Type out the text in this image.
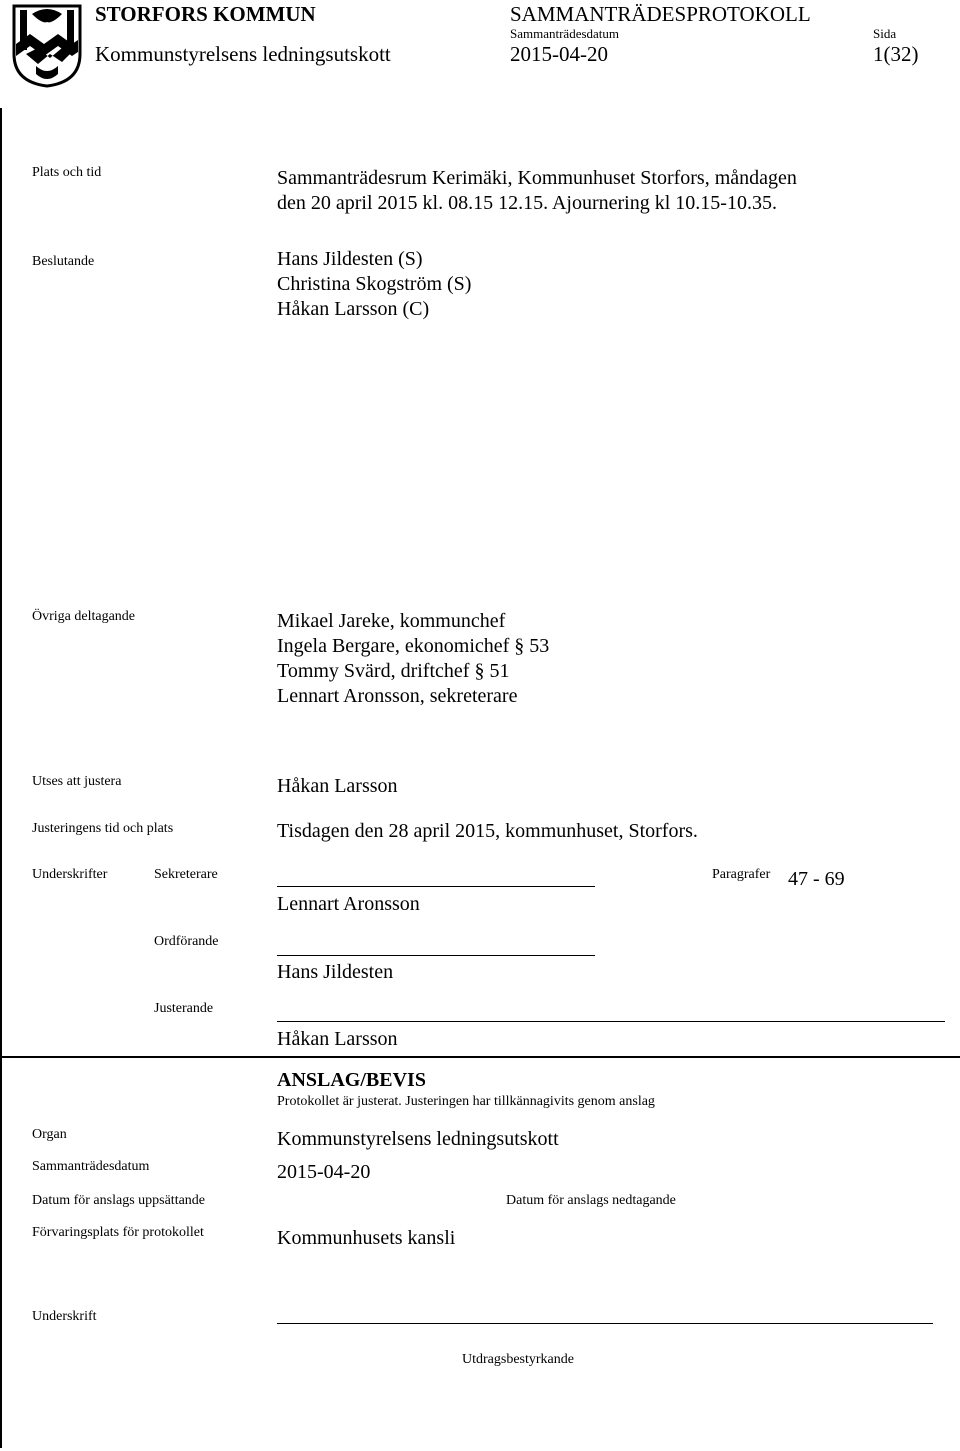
STORFORS KOMMUN
Kommunstyrelsens ledningsutskott
SAMMANTRÄDESPROTOKOLL
Sammanträdesdatum
2015-04-20
Sida
1(32)
Plats och tid	Sammanträdesrum Kerimäki, Kommunhuset Storfors, måndagen
den 20 april 2015 kl. 08.15 12.15. Ajournering kl 10.15-10.35.
Beslutande	Hans Jildesten (S)
Christina Skogström (S)
Håkan Larsson (C)
Övriga deltagande	Mikael Jareke, kommunchef
Ingela Bergare, ekonomichef § 53
Tommy Svärd, driftchef § 51
Lennart Aronsson, sekreterare
Utses att justera	Håkan Larsson
Justeringens tid och plats	Tisdagen den 28 april 2015, kommunhuset, Storfors.
Underskrifter	Sekreterare
Lennart Aronsson
Paragrafer 47 - 69
Ordförande
Hans Jildesten
Justerande
Håkan Larsson
ANSLAG/BEVIS
Protokollet är justerat. Justeringen har tillkännagivits genom anslag
Organ	Kommunstyrelsens ledningsutskott
Sammanträdesdatum	2015-04-20
Datum för anslags uppsättande	Datum för anslags nedtagande
Förvaringsplats för protokollet	Kommunhusets kansli
Underskrift
Utdragsbestyrkande
